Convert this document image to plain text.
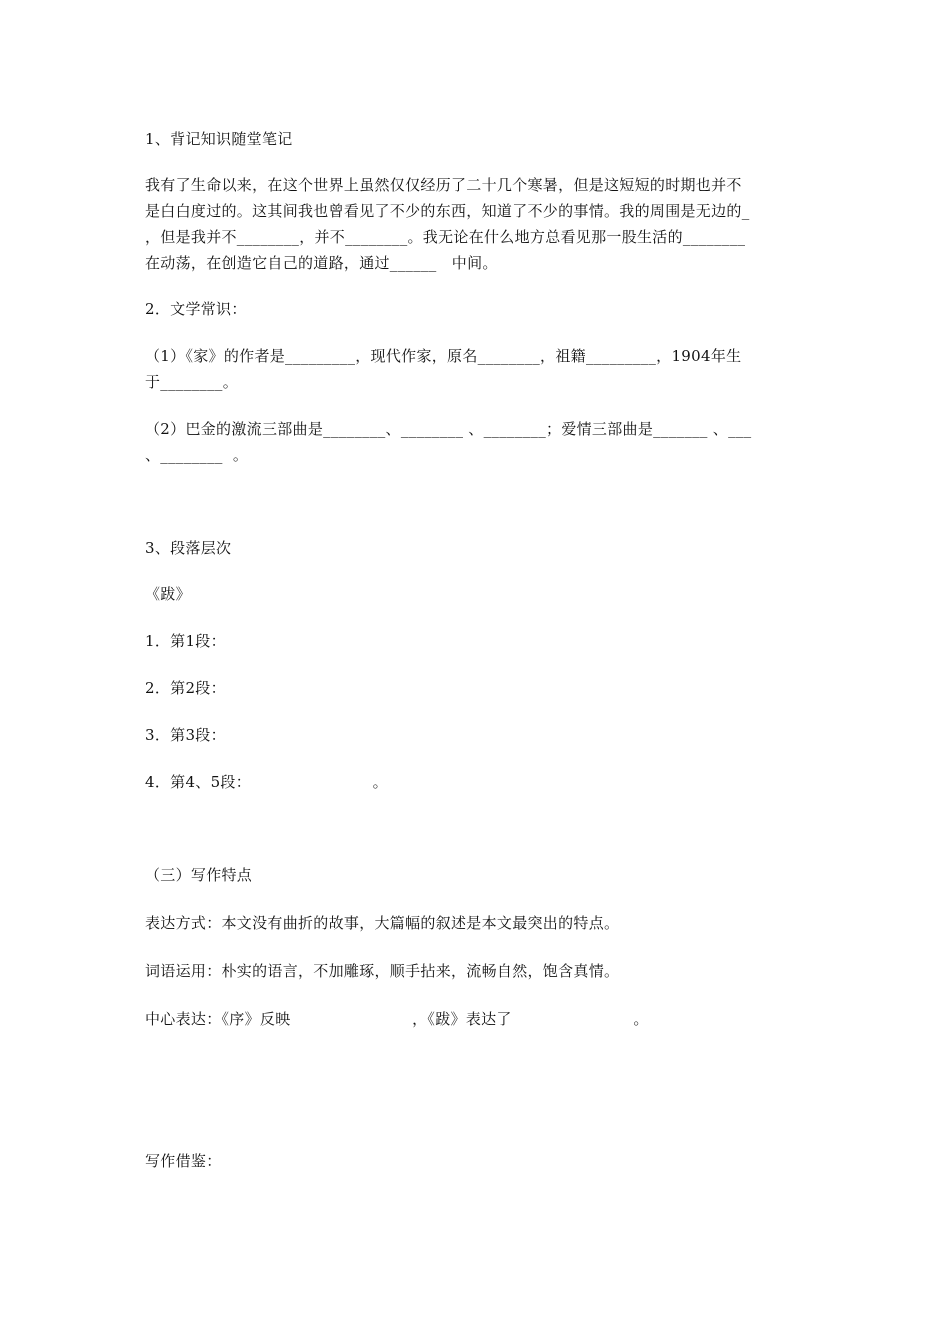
1、背记知识随堂笔记
我有了生命以来，在这个世界上虽然仅仅经历了二十几个寒暑，但是这短短的时期也并不
是白白度过的。这其间我也曾看见了不少的东西，知道了不少的事情。我的周围是无边的_
，但是我并不________，并不________。我无论在什么地方总看见那一股生活的________
在动荡，在创造它自己的道路，通过______   中间。
2．文学常识：
（1）《家》的作者是_________，现代作家，原名________，祖籍_________，1904年生
于________。
（2）巴金的激流三部曲是________、________ 、________；爱情三部曲是_______ 、___
、________  。
3、段落层次
《跋》
1．第1段：
2．第2段：
3．第3段：
4．第4、5段：                        。
（三）写作特点
表达方式：本文没有曲折的故事，大篇幅的叙述是本文最突出的特点。
词语运用：朴实的语言，不加雕琢，顺手拈来，流畅自然，饱含真情。
中心表达：《序》反映                        ，《跋》表达了                        。
写作借鉴：
